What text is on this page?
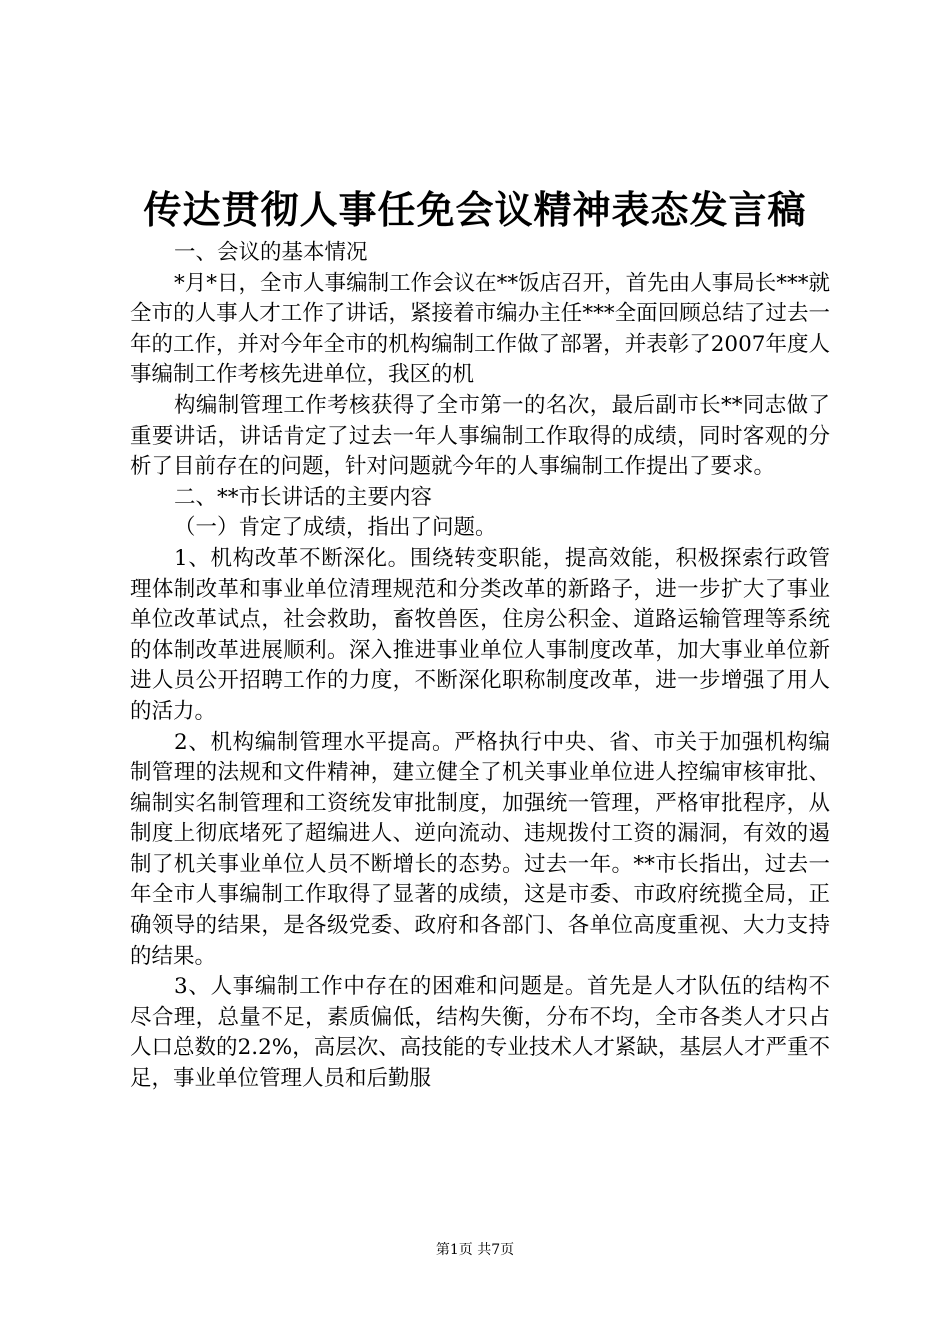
传达贯彻人事任免会议精神表态发言稿

一、会议的基本情况

*月*日，全市人事编制工作会议在**饭店召开，首先由人事局长***就全市的人事人才工作了讲话，紧接着市编办主任***全面回顾总结了过去一年的工作，并对今年全市的机构编制工作做了部署，并表彰了2007年度人事编制工作考核先进单位，我区的机

构编制管理工作考核获得了全市第一的名次，最后副市长**同志做了重要讲话，讲话肯定了过去一年人事编制工作取得的成绩，同时客观的分析了目前存在的问题，针对问题就今年的人事编制工作提出了要求。

二、**市长讲话的主要内容

（一）肯定了成绩，指出了问题。

1、机构改革不断深化。围绕转变职能，提高效能，积极探索行政管理体制改革和事业单位清理规范和分类改革的新路子，进一步扩大了事业单位改革试点，社会救助，畜牧兽医，住房公积金、道路运输管理等系统的体制改革进展顺利。深入推进事业单位人事制度改革，加大事业单位新进人员公开招聘工作的力度，不断深化职称制度改革，进一步增强了用人的活力。

2、机构编制管理水平提高。严格执行中央、省、市关于加强机构编制管理的法规和文件精神，建立健全了机关事业单位进人控编审核审批、编制实名制管理和工资统发审批制度，加强统一管理，严格审批程序，从制度上彻底堵死了超编进人、逆向流动、违规拨付工资的漏洞，有效的遏制了机关事业单位人员不断增长的态势。过去一年。**市长指出，过去一年全市人事编制工作取得了显著的成绩，这是市委、市政府统揽全局，正确领导的结果，是各级党委、政府和各部门、各单位高度重视、大力支持的结果。

3、人事编制工作中存在的困难和问题是。首先是人才队伍的结构不尽合理，总量不足，素质偏低，结构失衡，分布不均，全市各类人才只占人口总数的2.2%，高层次、高技能的专业技术人才紧缺，基层人才严重不足，事业单位管理人员和后勤服

第1页 共7页
